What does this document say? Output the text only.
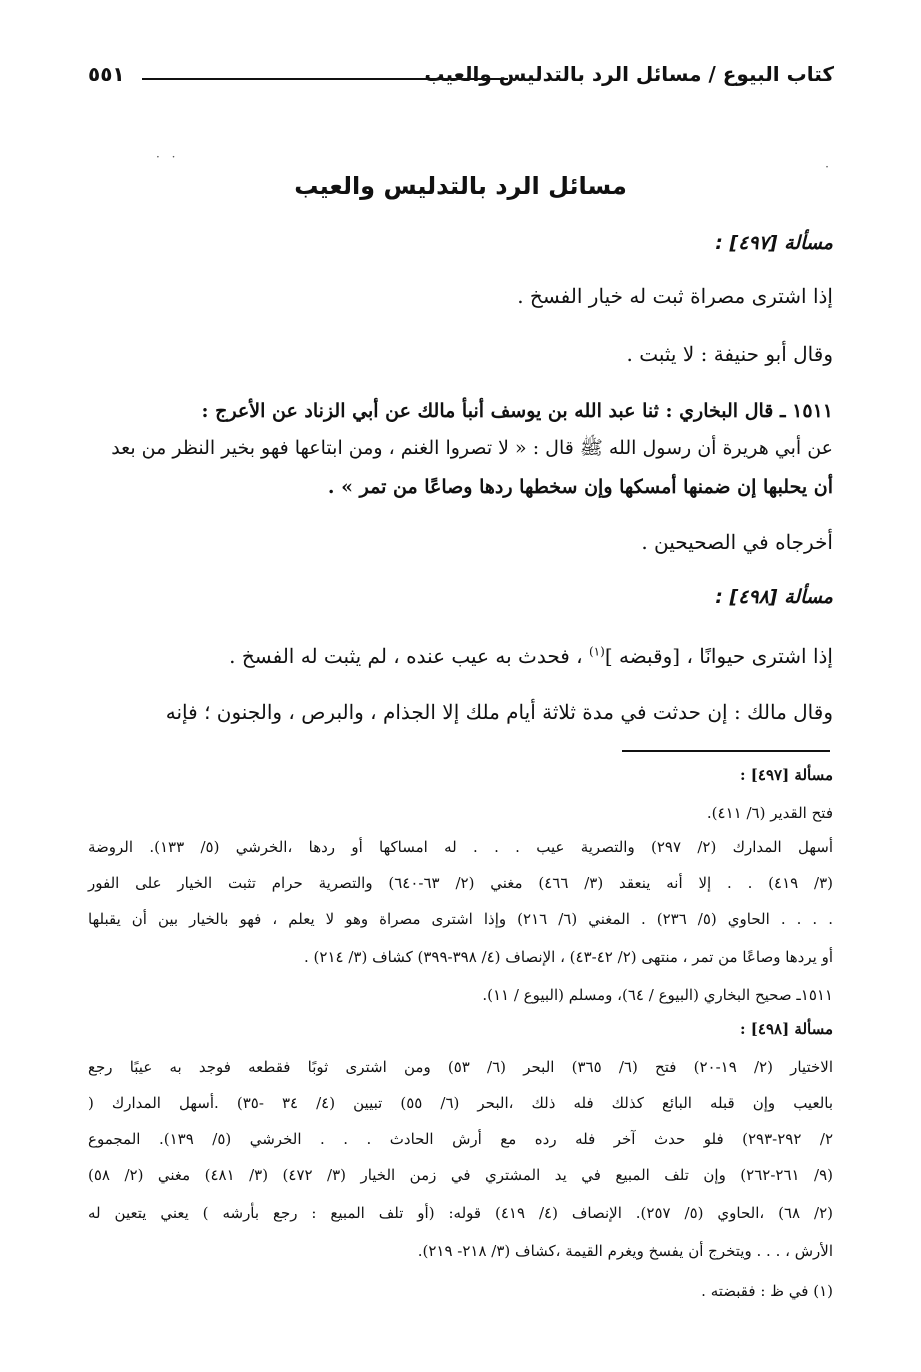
كتاب البيوع / مسائل الرد بالتدليس والعيب
٥٥١
· ·
·
مسائل الرد بالتدليس والعيب
مسألة [٤٩٧] :
إذا اشترى مصراة ثبت له خيار الفسخ .
وقال أبو حنيفة : لا يثبت .
١٥١١ ـ قال البخاري : ثنا عبد الله بن يوسف أنبأ مالك عن أبي الزناد عن الأعرج :
عن أبي هريرة أن رسول الله ﷺ قال : « لا تصروا الغنم ، ومن ابتاعها فهو بخير النظر من بعد
أن يحلبها إن ضمنها أمسكها وإن سخطها ردها وصاعًا من تمر » .
أخرجاه في الصحيحين .
مسألة [٤٩٨] :
إذا اشترى حيوانًا ، [وقبضه ]$^{(١)}$ ، فحدث به عيب عنده ، لم يثبت له الفسخ .
وقال مالك : إن حدثت في مدة ثلاثة أيام ملك إلا الجذام ، والبرص ، والجنون ؛ فإنه
مسألة [٤٩٧] :
فتح القدير (٦/ ٤١١).
أسهل المدارك (٢/ ٢٩٧) والتصرية عيب . . . له امساكها أو ردها ،الخرشي (٥/ ١٣٣). الروضة
(٣/ ٤١٩) . . إلا أنه ينعقد (٣/ ٤٦٦) مغني (٢/ ٦٣-٦٤٠) والتصرية حرام تثبت الخيار على الفور
. . . . الحاوي (٥/ ٢٣٦) . المغني (٦/ ٢١٦) وإذا اشترى مصراة وهو لا يعلم ، فهو بالخيار بين أن يقبلها
أو يردها وصاعًا من تمر ، منتهى (٢/ ٤٢-٤٣) ، الإنصاف (٤/ ٣٩٨-٣٩٩) كشاف (٣/ ٢١٤) .
١٥١١ـ صحيح البخاري (البيوع / ٦٤)، ومسلم (البيوع / ١١).
مسألة [٤٩٨] :
الاختيار (٢/ ١٩-٢٠) فتح (٦/ ٣٦٥) البحر (٦/ ٥٣) ومن اشترى ثوبًا فقطعه فوجد به عيبًا رجع
بالعيب وإن قبله البائع كذلك فله ذلك ،البحر (٦/ ٥٥) تبيين (٤/ ٣٤ -٣٥) .أسهل المدارك (
٢/ ٢٩٢-٢٩٣) فلو حدث آخر فله رده مع أرش الحادث . . . الخرشي (٥/ ١٣٩). المجموع
(٩/ ٢٦١-٢٦٢) وإن تلف المبيع في يد المشتري في زمن الخيار (٣/ ٤٧٢) (٣/ ٤٨١) مغني (٢/ ٥٨)
(٢/ ٦٨) ،الحاوي (٥/ ٢٥٧). الإنصاف (٤/ ٤١٩) قوله: (أو تلف المبيع : رجع بأرشه ) يعني يتعين له
الأرش ، . . . ويتخرج أن يفسخ ويغرم القيمة ،كشاف (٣/ ٢١٨- ٢١٩).
(١) في ظ : فقبضته .
